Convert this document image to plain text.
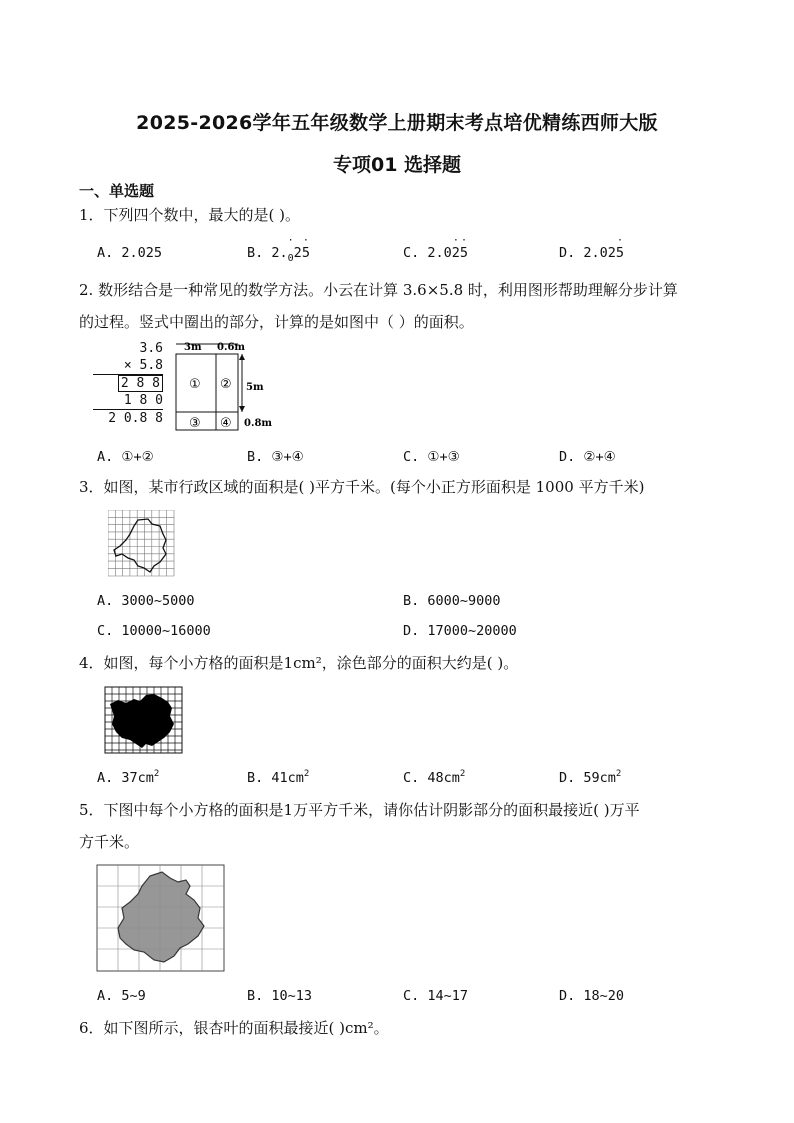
2025-2026学年五年级数学上册期末考点培优精练西师大版
专项01 选择题
一、单选题
1．下列四个数中，最大的是( )。
A. 2.025	B. 2.
·
$_0$2
·
5	C. 2.0
·
2
·
5	D. 2.02
·
5
2. 数形结合是一种常见的数学方法。小云在计算 3.6×5.8 时，利用图形帮助理解分步计算
的过程。竖式中圈出的部分，计算的是如图中（ ）的面积。
3.6
× 5.8
2 8 8
1 8 0
2 0.8 8
3m 0.6m
5m
0.8m
① ②
③ ④
A. ①+②	B. ③+④	C. ①+③	D. ②+④
3．如图，某市行政区域的面积是( )平方千米。(每个小正方形面积是 1000 平方千米)
A. 3000~5000	B. 6000~9000
C. 10000~16000	D. 17000~20000
4．如图，每个小方格的面积是1cm²，涂色部分的面积大约是( )。
A. $37cm^2$	B. $41cm^2$	C. $48cm^2$	D. $59cm^2$
5．下图中每个小方格的面积是1万平方千米，请你估计阴影部分的面积最接近( )万平
方千米。
A. 5~9	B. 10~13	C. 14~17	D. 18~20
6．如下图所示，银杏叶的面积最接近( )cm²。
